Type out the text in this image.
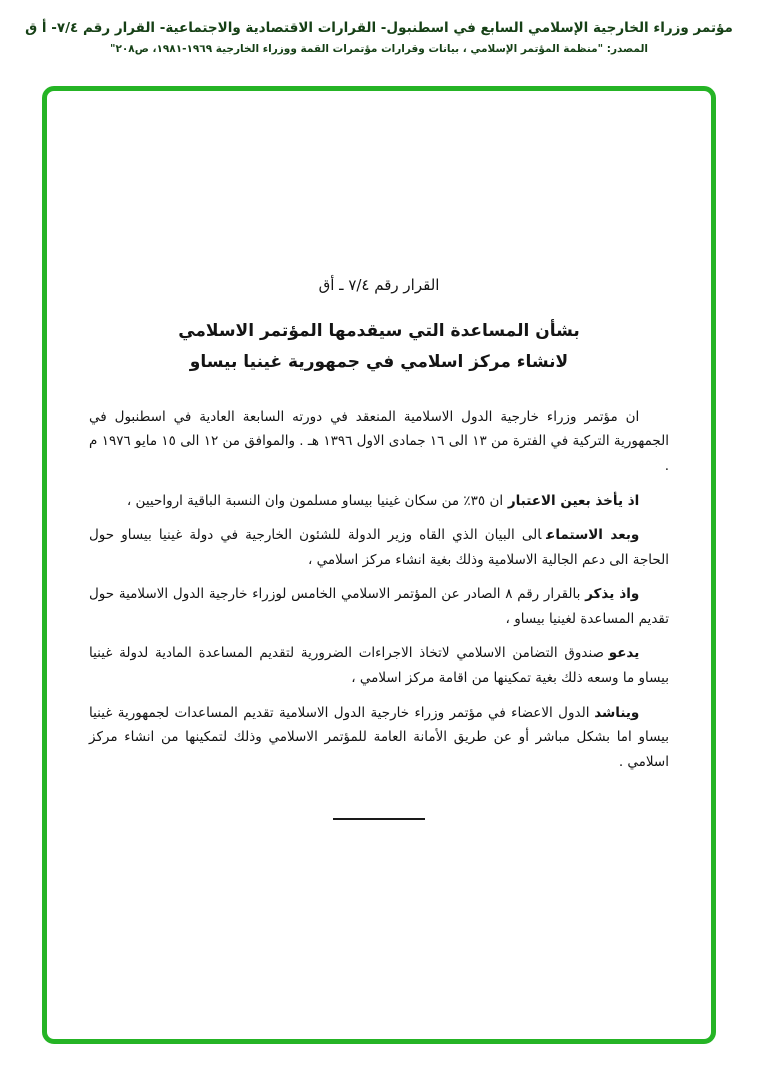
مؤتمر وزراء الخارجية الإسلامي السابع في اسطنبول- القرارات الاقتصادية والاجتماعية- القرار رقم ٧/٤- أ ق
المصدر: "منظمة المؤتمر الإسلامي ، بيانات وقرارات مؤتمرات القمة ووزراء الخارجية ١٩٦٩-١٩٨١، ص٢٠٨"
القرار رقم ٧/٤ ـ أق
بشأن المساعدة التي سيقدمها المؤتمر الاسلامي
لانشاء مركز اسلامي في جمهورية غينيا بيساو
ان مؤتمر وزراء خارجية الدول الاسلامية المنعقد في دورته السابعة العادية في اسطنبول في الجمهورية التركية في الفترة من ١٣ الى ١٦ جمادى الاول ١٣٩٦ هـ . والموافق من ١٢ الى ١٥ مايو ١٩٧٦ م .
اذ يأخذ بعين الاعتباران ٣٥٪ من سكان غينيا بيساو مسلمون وان النسبة الباقية ارواحيين ،
وبعد الاستماعالى البيان الذي القاه وزير الدولة للشئون الخارجية في دولة غينيا بيساو حول الحاجة الى دعم الجالية الاسلامية وذلك بغية انشاء مركز اسلامي ،
واذ يذكربالقرار رقم ٨ الصادر عن المؤتمر الاسلامي الخامس لوزراء خارجية الدول الاسلامية حول تقديم المساعدة لغينيا بيساو ،
يدعوصندوق التضامن الاسلامي لاتخاذ الاجراءات الضرورية لتقديم المساعدة المادية لدولة غينيا بيساو ما وسعه ذلك بغية تمكينها من اقامة مركز اسلامي ،
ويناشدالدول الاعضاء في مؤتمر وزراء خارجية الدول الاسلامية تقديم المساعدات لجمهورية غينيا بيساو اما بشكل مباشر أو عن طريق الأمانة العامة للمؤتمر الاسلامي وذلك لتمكينها من انشاء مركز اسلامي .
